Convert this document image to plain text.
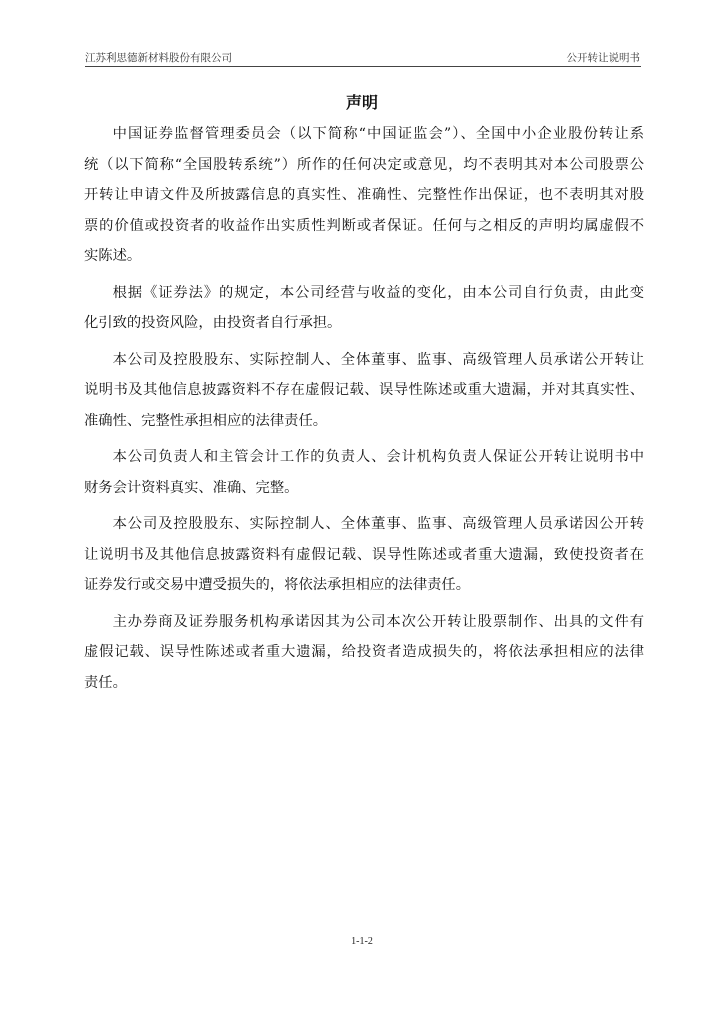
江苏利思德新材料股份有限公司	公开转让说明书
声明
中国证券监督管理委员会（以下简称“中国证监会”）、全国中小企业股份转让系
统（以下简称“全国股转系统”）所作的任何决定或意见，均不表明其对本公司股票公
开转让申请文件及所披露信息的真实性、准确性、完整性作出保证，也不表明其对股
票的价值或投资者的收益作出实质性判断或者保证。任何与之相反的声明均属虚假不
实陈述。
根据《证券法》的规定，本公司经营与收益的变化，由本公司自行负责，由此变
化引致的投资风险，由投资者自行承担。
本公司及控股股东、实际控制人、全体董事、监事、高级管理人员承诺公开转让
说明书及其他信息披露资料不存在虚假记载、误导性陈述或重大遗漏，并对其真实性、
准确性、完整性承担相应的法律责任。
本公司负责人和主管会计工作的负责人、会计机构负责人保证公开转让说明书中
财务会计资料真实、准确、完整。
本公司及控股股东、实际控制人、全体董事、监事、高级管理人员承诺因公开转
让说明书及其他信息披露资料有虚假记载、误导性陈述或者重大遗漏，致使投资者在
证券发行或交易中遭受损失的，将依法承担相应的法律责任。
主办券商及证券服务机构承诺因其为公司本次公开转让股票制作、出具的文件有
虚假记载、误导性陈述或者重大遗漏，给投资者造成损失的，将依法承担相应的法律
责任。
1-1-2
